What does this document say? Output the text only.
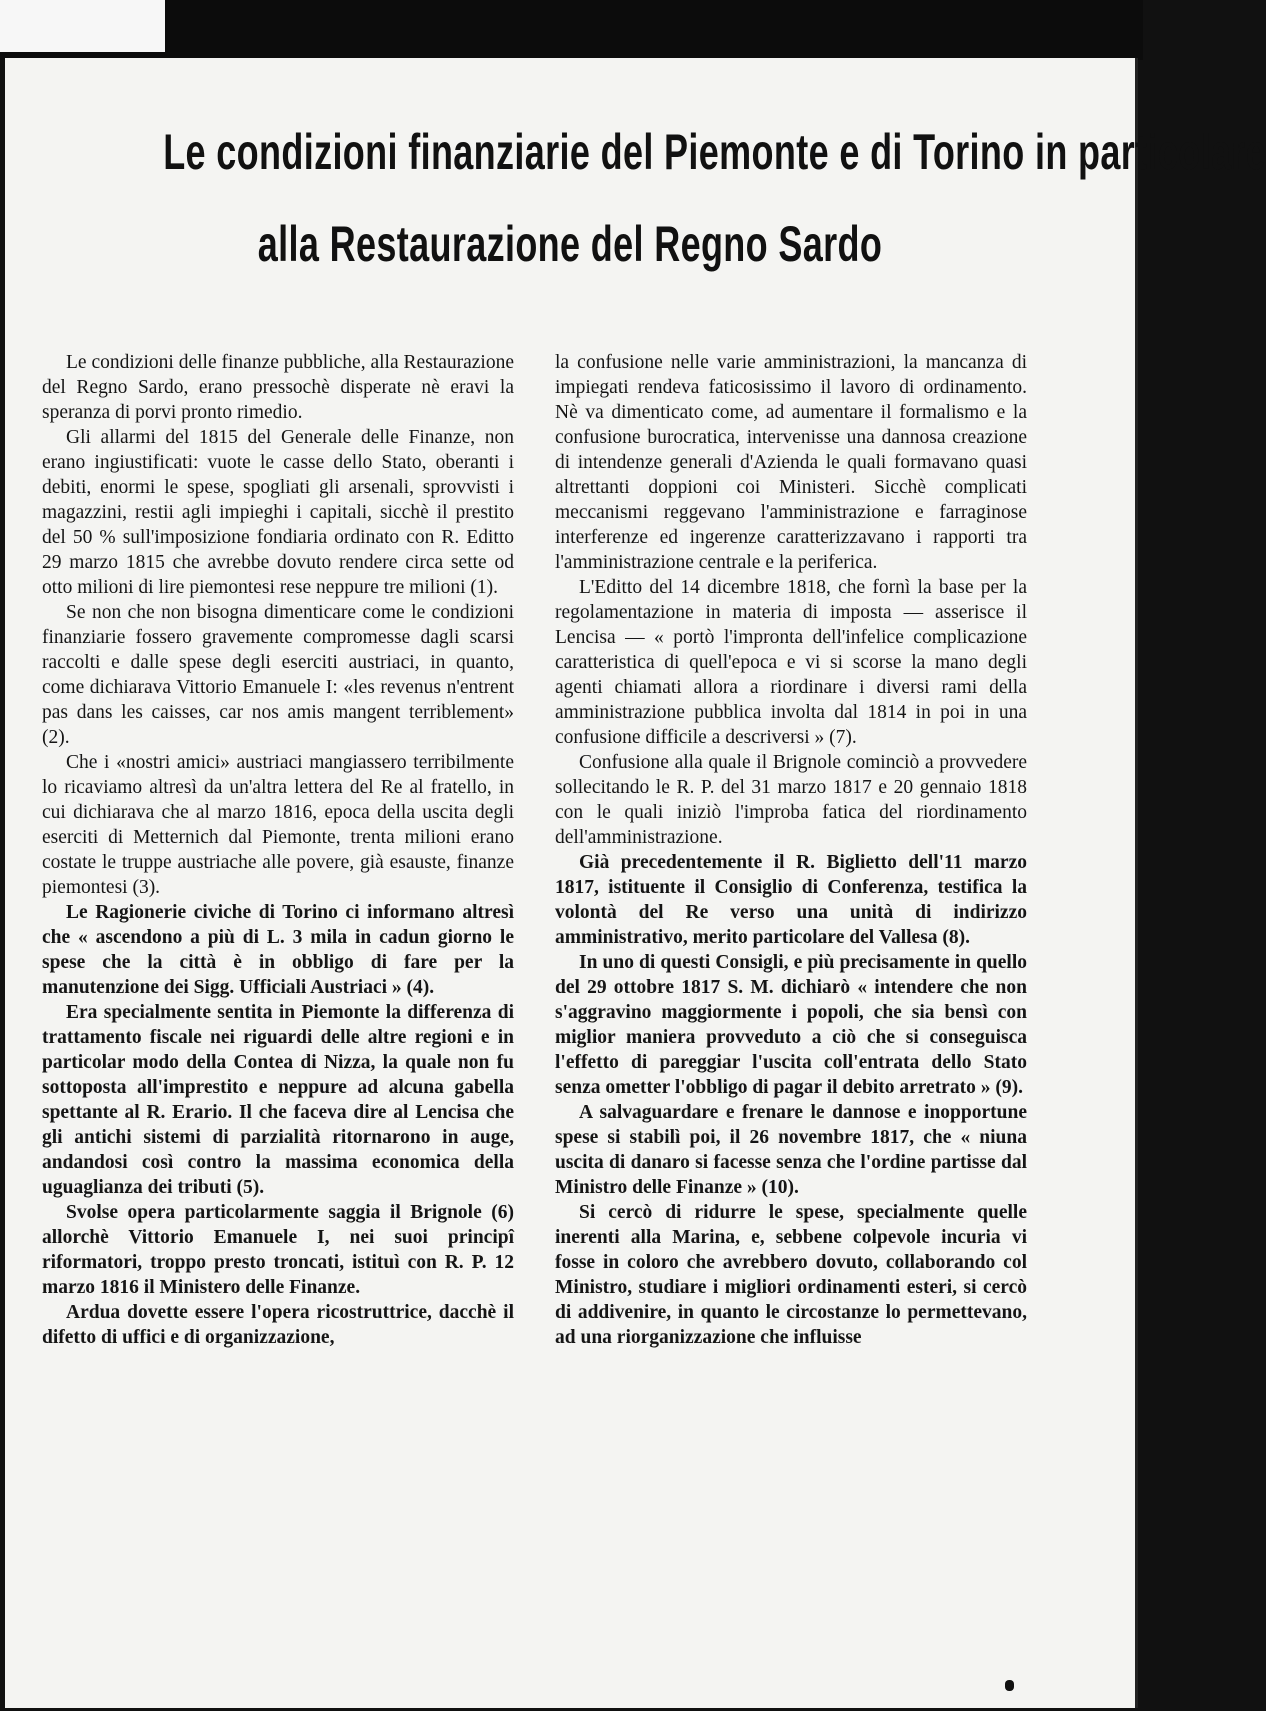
Le condizioni finanziarie del Piemonte e di Torino in particolare
alla Restaurazione del Regno Sardo

Le condizioni delle finanze pubbliche, alla Restaurazione del Regno Sardo, erano pressochè disperate nè eravi la speranza di porvi pronto rimedio.

Gli allarmi del 1815 del Generale delle Finanze, non erano ingiustificati: vuote le casse dello Stato, oberanti i debiti, enormi le spese, spogliati gli arsenali, sprovvisti i magazzini, restii agli impieghi i capitali, sicchè il prestito del 50 % sull'imposizione fondiaria ordinato con R. Editto 29 marzo 1815 che avrebbe dovuto rendere circa sette od otto milioni di lire piemontesi rese neppure tre milioni (1).

Se non che non bisogna dimenticare come le condizioni finanziarie fossero gravemente compromesse dagli scarsi raccolti e dalle spese degli eserciti austriaci, in quanto, come dichiarava Vittorio Emanuele I: «les revenus n'entrent pas dans les caisses, car nos amis mangent terriblement» (2).

Che i «nostri amici» austriaci mangiassero terribilmente lo ricaviamo altresì da un'altra lettera del Re al fratello, in cui dichiarava che al marzo 1816, epoca della uscita degli eserciti di Metternich dal Piemonte, trenta milioni erano costate le truppe austriache alle povere, già esauste, finanze piemontesi (3).

Le Ragionerie civiche di Torino ci informano altresì che « ascendono a più di L. 3 mila in cadun giorno le spese che la città è in obbligo di fare per la manutenzione dei Sigg. Ufficiali Austriaci » (4).

Era specialmente sentita in Piemonte la differenza di trattamento fiscale nei riguardi delle altre regioni e in particolar modo della Contea di Nizza, la quale non fu sottoposta all'imprestito e neppure ad alcuna gabella spettante al R. Erario. Il che faceva dire al Lencisa che gli antichi sistemi di parzialità ritornarono in auge, andandosi così contro la massima economica della uguaglianza dei tributi (5).

Svolse opera particolarmente saggia il Brignole (6) allorchè Vittorio Emanuele I, nei suoi principî riformatori, troppo presto troncati, istituì con R. P. 12 marzo 1816 il Ministero delle Finanze.

Ardua dovette essere l'opera ricostruttrice, dacchè il difetto di uffici e di organizzazione,

la confusione nelle varie amministrazioni, la mancanza di impiegati rendeva faticosissimo il lavoro di ordinamento. Nè va dimenticato come, ad aumentare il formalismo e la confusione burocratica, intervenisse una dannosa creazione di intendenze generali d'Azienda le quali formavano quasi altrettanti doppioni coi Ministeri. Sicchè complicati meccanismi reggevano l'amministrazione e farraginose interferenze ed ingerenze caratterizzavano i rapporti tra l'amministrazione centrale e la periferica.

L'Editto del 14 dicembre 1818, che fornì la base per la regolamentazione in materia di imposta — asserisce il Lencisa — « portò l'impronta dell'infelice complicazione caratteristica di quell'epoca e vi si scorse la mano degli agenti chiamati allora a riordinare i diversi rami della amministrazione pubblica involta dal 1814 in poi in una confusione difficile a descriversi » (7).

Confusione alla quale il Brignole cominciò a provvedere sollecitando le R. P. del 31 marzo 1817 e 20 gennaio 1818 con le quali iniziò l'improba fatica del riordinamento dell'amministrazione.

Già precedentemente il R. Biglietto dell'11 marzo 1817, istituente il Consiglio di Conferenza, testifica la volontà del Re verso una unità di indirizzo amministrativo, merito particolare del Vallesa (8).

In uno di questi Consigli, e più precisamente in quello del 29 ottobre 1817 S. M. dichiarò « intendere che non s'aggravino maggiormente i popoli, che sia bensì con miglior maniera provveduto a ciò che si conseguisca l'effetto di pareggiar l'uscita coll'entrata dello Stato senza ometter l'obbligo di pagar il debito arretrato » (9).

A salvaguardare e frenare le dannose e inopportune spese si stabilì poi, il 26 novembre 1817, che « niuna uscita di danaro si facesse senza che l'ordine partisse dal Ministro delle Finanze » (10).

Si cercò di ridurre le spese, specialmente quelle inerenti alla Marina, e, sebbene colpevole incuria vi fosse in coloro che avrebbero dovuto, collaborando col Ministro, studiare i migliori ordinamenti esteri, si cercò di addivenire, in quanto le circostanze lo permettevano, ad una riorganizzazione che influisse
